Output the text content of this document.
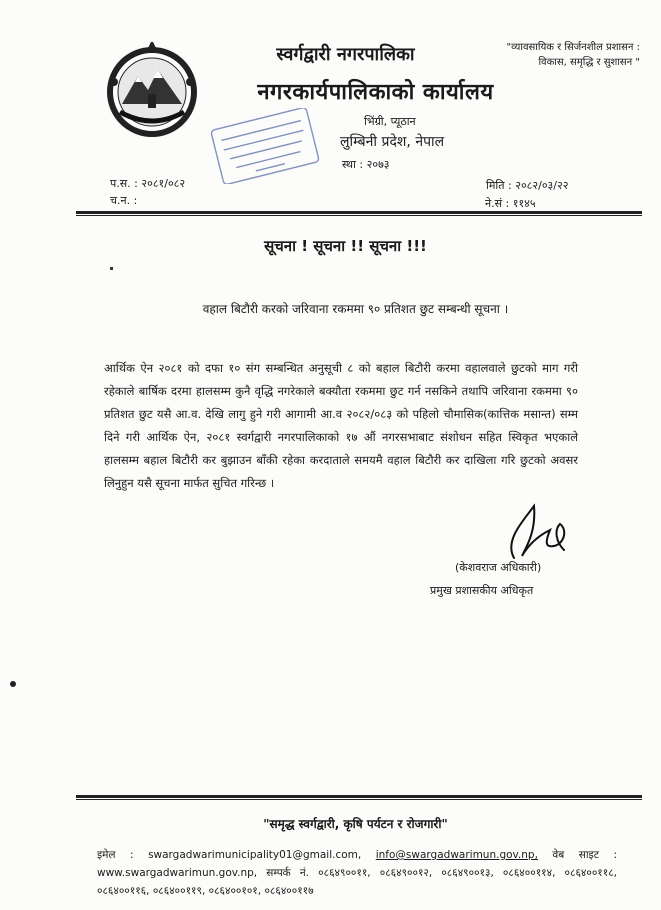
स्वर्गद्वारी नगरपालिका
नगरकार्यपालिकाको कार्यालय
भिंग्री, प्यूठान
लुम्बिनी प्रदेश, नेपाल
स्था : २०७३
"व्यावसायिक र सिर्जनशील प्रशासन :
विकास, समृद्धि र सुशासन "
प.स. : २०८१/०८२
च.न. :
मिति : २०८२/०३/२२
ने.सं : ११४५
सूचना ! सूचना !! सूचना !!!
वहाल बिटौरी करको जरिवाना रकममा ९० प्रतिशत छुट सम्बन्धी सूचना ।
आर्थिक ऐन २०८१ को दफा १० संग सम्बन्धित अनुसूची ८ को बहाल बिटौरी करमा वहालवाले छुटको माग गरी रहेकाले बार्षिक दरमा हालसम्म कुनै वृद्धि नगरेकाले बक्यौता रकममा छुट गर्न नसकिने तथापि जरिवाना रकममा ९० प्रतिशत छुट यसै आ.व. देखि लागु हुने गरी आगामी आ.व २०८२/०८३ को पहिलो चौमासिक(कात्तिक मसान्त) सम्म दिने गरी आर्थिक ऐन, २०८१ स्वर्गद्वारी नगरपालिकाको १७ औं नगरसभाबाट संशोधन सहित स्विकृत भएकाले हालसम्म बहाल बिटौरी कर बुझाउन बाँकी रहेका करदाताले समयमै वहाल बिटौरी कर दाखिला गरि छुटको अवसर लिनुहुन यसै सूचना मार्फत सुचित गरिन्छ ।
(केशवराज अधिकारी)
प्रमुख प्रशासकीय अधिकृत
"समृद्ध स्वर्गद्वारी, कृषि पर्यटन र रोजगारी"
इमेल : swargadwarimunicipality01@gmail.com, info@swargadwarimun.gov.np, वेब साइट : www.swargadwarimun.gov.np, सम्पर्क नं. ०८६४९००११, ०८६४९००१२, ०८६४९००१३, ०८६४००११४, ०८६४००११८, ०८६४००११६, ०८६४००११९, ०८६४००१०१, ०८६४००११७
